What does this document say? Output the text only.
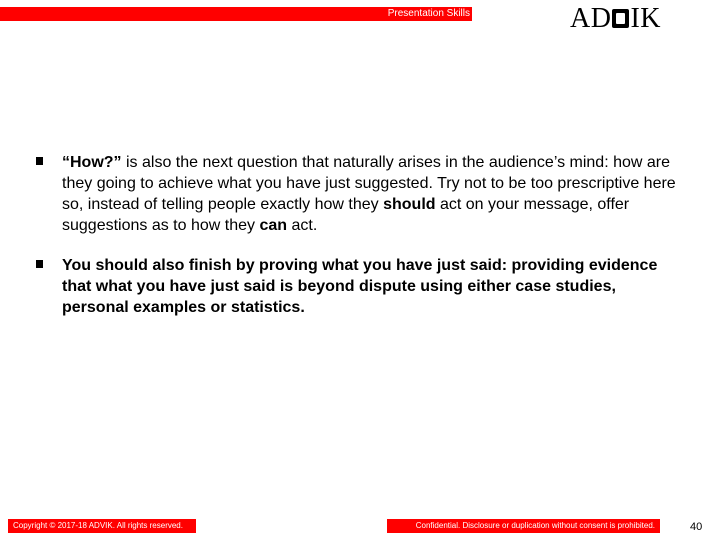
Presentation Skills	AD IK

“How?” is also the next question that naturally arises in the audience’s mind: how are they going to achieve what you have just suggested. Try not to be too prescriptive here so, instead of telling people exactly how they should act on your message, offer suggestions as to how they can act.

You should also finish by proving what you have just said: providing evidence that what you have just said is beyond dispute using either case studies, personal examples or statistics.

Copyright © 2017-18 ADVIK. All rights reserved.	Confidential. Disclosure or duplication without consent is prohibited.	40
